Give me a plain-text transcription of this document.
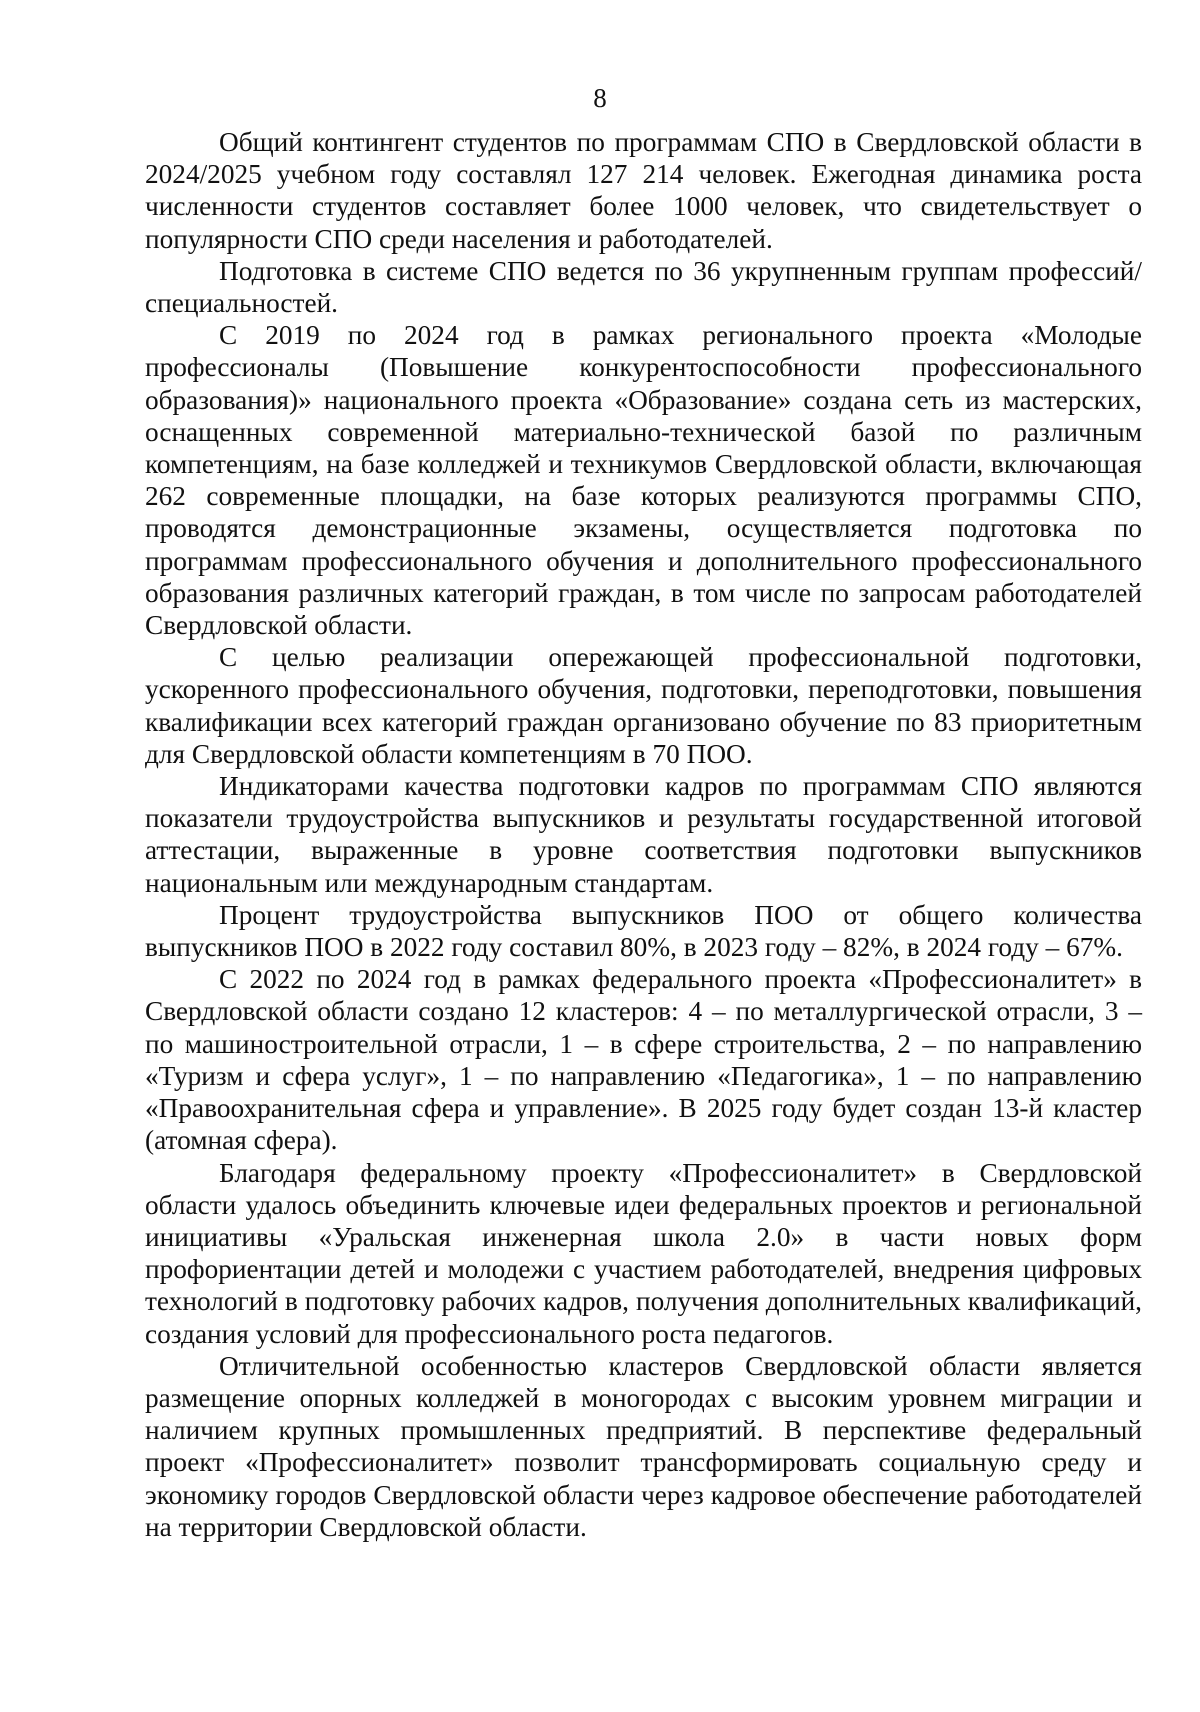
8

Общий контингент студентов по программам СПО в Свердловской области в 2024/2025 учебном году составлял 127 214 человек. Ежегодная динамика роста численности студентов составляет более 1000 человек, что свидетельствует о популярности СПО среди населения и работодателей.

Подготовка в системе СПО ведется по 36 укрупненным группам профессий/специальностей.

С 2019 по 2024 год в рамках регионального проекта «Молодые профессионалы (Повышение конкурентоспособности профессионального образования)» национального проекта «Образование» создана сеть из мастерских, оснащенных современной материально-технической базой по различным компетенциям, на базе колледжей и техникумов Свердловской области, включающая 262 современные площадки, на базе которых реализуются программы СПО, проводятся демонстрационные экзамены, осуществляется подготовка по программам профессионального обучения и дополнительного профессионального образования различных категорий граждан, в том числе по запросам работодателей Свердловской области.

С целью реализации опережающей профессиональной подготовки, ускоренного профессионального обучения, подготовки, переподготовки, повышения квалификации всех категорий граждан организовано обучение по 83 приоритетным для Свердловской области компетенциям в 70 ПОО.

Индикаторами качества подготовки кадров по программам СПО являются показатели трудоустройства выпускников и результаты государственной итоговой аттестации, выраженные в уровне соответствия подготовки выпускников национальным или международным стандартам.

Процент трудоустройства выпускников ПОО от общего количества выпускников ПОО в 2022 году составил 80%, в 2023 году – 82%, в 2024 году – 67%.

С 2022 по 2024 год в рамках федерального проекта «Профессионалитет» в Свердловской области создано 12 кластеров: 4 – по металлургической отрасли, 3 – по машиностроительной отрасли, 1 – в сфере строительства, 2 – по направлению «Туризм и сфера услуг», 1 – по направлению «Педагогика», 1 – по направлению «Правоохранительная сфера и управление». В 2025 году будет создан 13-й кластер (атомная сфера).

Благодаря федеральному проекту «Профессионалитет» в Свердловской области удалось объединить ключевые идеи федеральных проектов и региональной инициативы «Уральская инженерная школа 2.0» в части новых форм профориентации детей и молодежи с участием работодателей, внедрения цифровых технологий в подготовку рабочих кадров, получения дополнительных квалификаций, создания условий для профессионального роста педагогов.

Отличительной особенностью кластеров Свердловской области является размещение опорных колледжей в моногородах с высоким уровнем миграции и наличием крупных промышленных предприятий. В перспективе федеральный проект «Профессионалитет» позволит трансформировать социальную среду и экономику городов Свердловской области через кадровое обеспечение работодателей на территории Свердловской области.
